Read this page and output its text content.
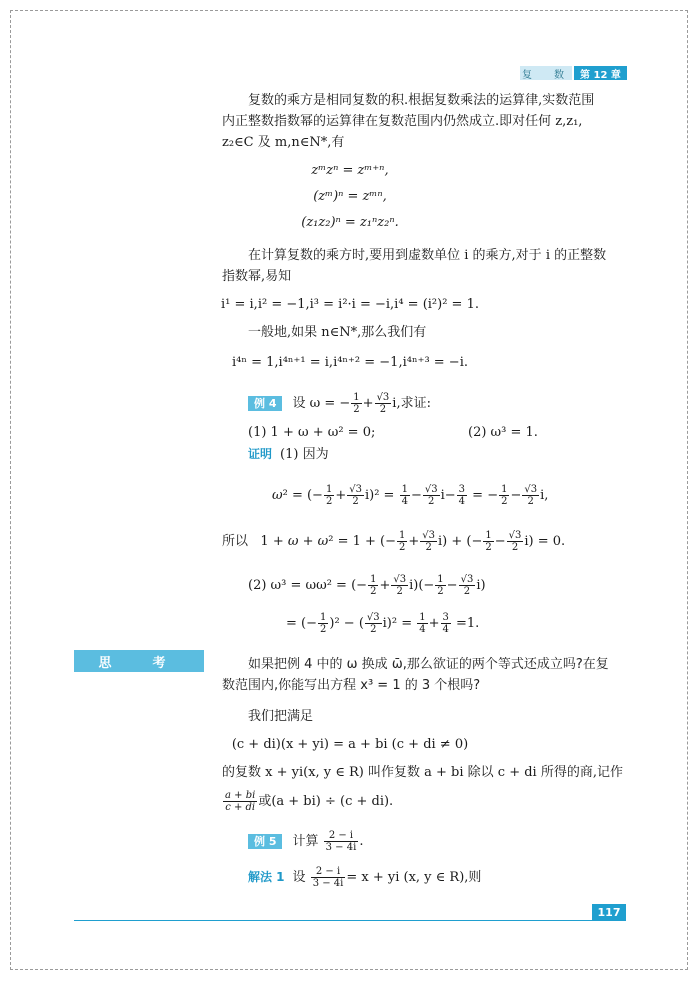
复　数	第 12 章
复数的乘方是相同复数的积.根据复数乘法的运算律,实数范围
内正整数指数幂的运算律在复数范围内仍然成立.即对任何 z,z₁,
z₂∈C 及 m,n∈N*,有
zᵐzⁿ = zᵐ⁺ⁿ,
(zᵐ)ⁿ = zᵐⁿ,
(z₁z₂)ⁿ = z₁ⁿz₂ⁿ.
在计算复数的乘方时,要用到虚数单位 i 的乘方,对于 i 的正整数
指数幂,易知
i¹ = i,i² = −1,i³ = i²·i = −i,i⁴ = (i²)² = 1.
一般地,如果 n∈N*,那么我们有
i⁴ⁿ = 1,i⁴ⁿ⁺¹ = i,i⁴ⁿ⁺² = −1,i⁴ⁿ⁺³ = −i.
例 4 设 ω = − $\frac{1}{2} + \frac{√3}{2} i$,求证:
(1) 1 + ω + ω² = 0;	(2) ω³ = 1.
证明 (1) 因为
ω² = (− $\frac{1}{2} + \frac{√3}{2} i)^2 = \frac{1}{4} - \frac{√3}{2} i- \frac{3}{4}$ = − $\frac{1}{2} - \frac{√3}{2} i$,
所以   1 + ω + ω² = 1 + (− $\frac{1}{2} + \frac{√3}{2} i$) + (− $\frac{1}{2} - \frac{√3}{2} i) = 0$.
(2) ω³ = ωω² = (− $\frac{1}{2} + \frac{√3}{2} i)(- \frac{1}{2} - \frac{√3}{2} i)$
= (− $\frac{1}{2} )^2$ − ( $\frac{√3}{2} i)^2 = \frac{1}{4} + \frac{3}{4} =1$.
思　考	如果把例 4 中的 ω 换成 ω̄,那么欲证的两个等式还成立吗?在复
数范围内,你能写出方程 x³ = 1 的 3 个根吗?
我们把满足
(c + di)(x + yi) = a + bi (c + di ≠ 0)
的复数 x + yi(x, y ∈ R) 叫作复数 a + bi 除以 c + di 所得的商,记作
$\frac{a + bi}{c + di}$ 或(a + bi) ÷ (c + di).
例 5 计算 $\frac{2 - i}{3 - 4i}$ .
解法 1 设 $\frac{2 - i}{3 - 4i} = x$ + yi (x, y ∈ R),则
117
